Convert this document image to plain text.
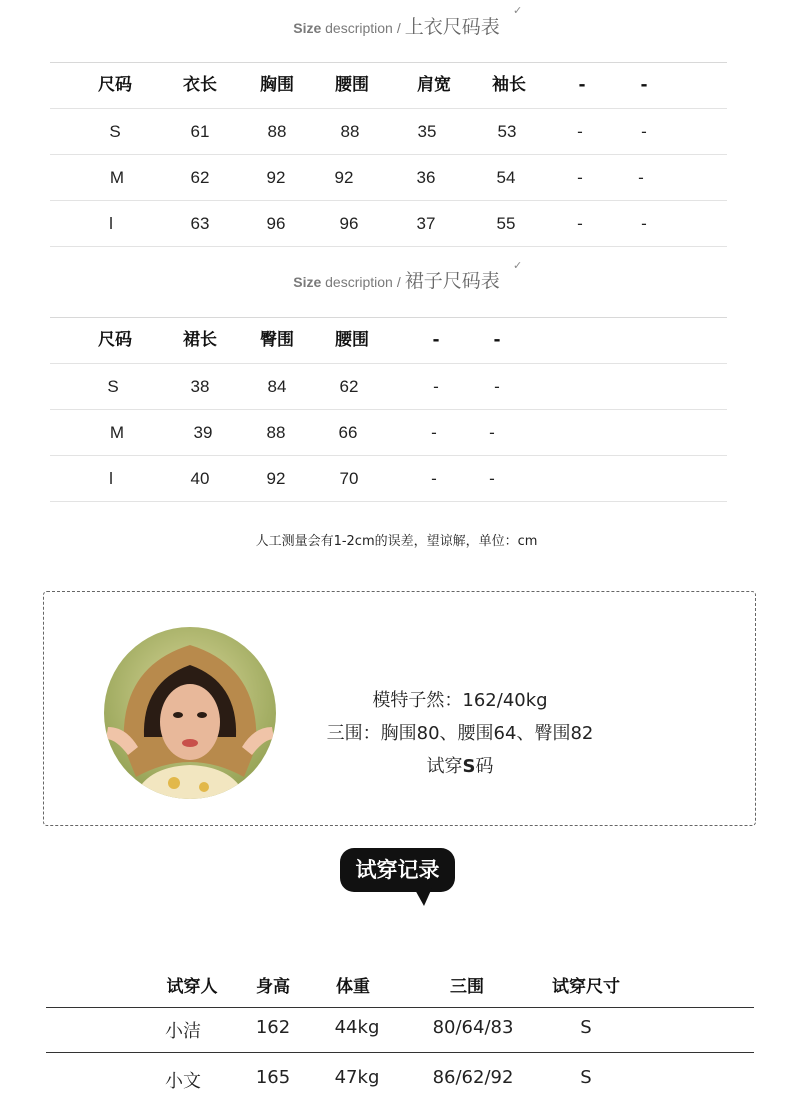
Size description / 上衣尺码表
✓
尺码	衣长	胸围	腰围	肩宽	袖长	-	-
S	61	88	88	35	53	-	-
M	62	92	92	36	54	-	-
l	63	96	96	37	55	-	-
Size description / 裙子尺码表
✓
尺码	裙长	臀围	腰围	-	-
S	38	84	62	-	-
M	39	88	66	-	-
l	40	92	70	-	-
人工测量会有1-2cm的误差，望谅解，单位：cm
模特子然：162/40kg
三围：胸围80、腰围64、臀围82
试穿S码
试穿记录
试穿人	身高	体重	三围	试穿尺寸
小洁	162	44kg	80/64/83	S
小文	165	47kg	86/62/92	S
